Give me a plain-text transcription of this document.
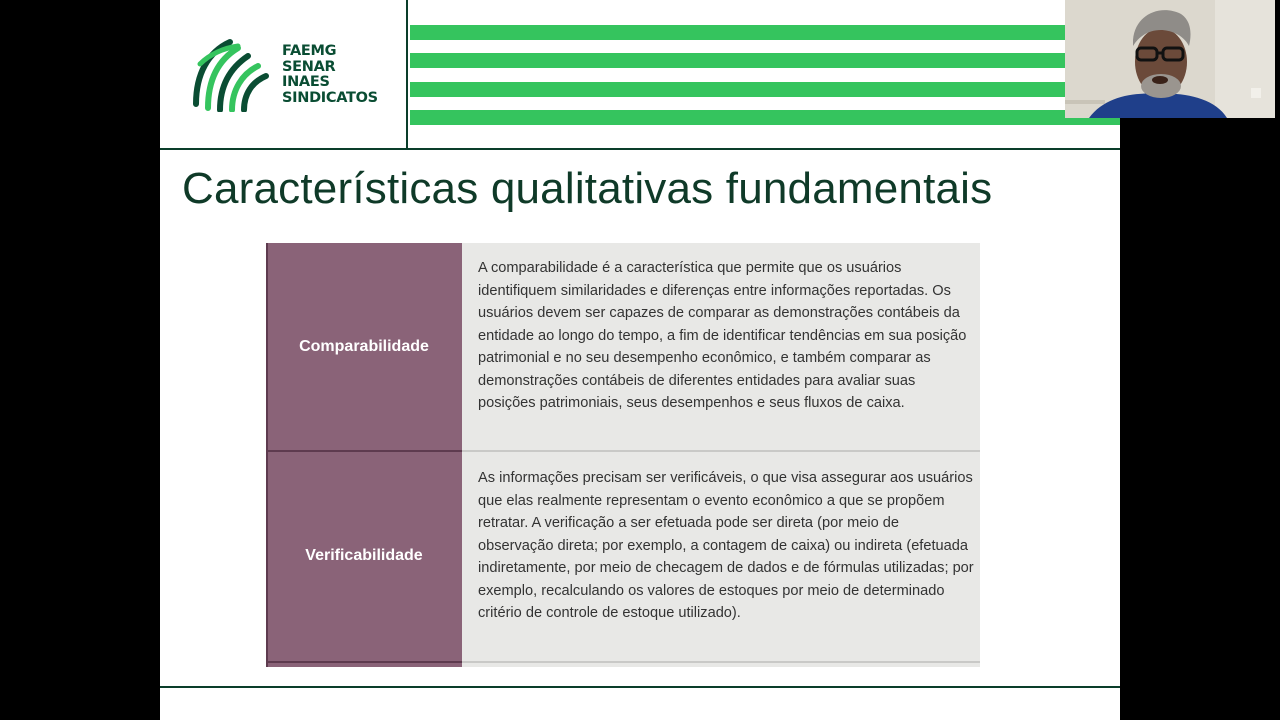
FAEMG
SENAR
INAES
SINDICATOS
Características qualitativas fundamentais
Comparabilidade
A comparabilidade é a característica que permite que os usuários identifiquem similaridades e diferenças entre informações reportadas. Os usuários devem ser capazes de comparar as demonstrações contábeis da entidade ao longo do tempo, a fim de identificar tendências em sua posição patrimonial e no seu desempenho econômico, e também comparar as demonstrações contábeis de diferentes entidades para avaliar suas posições patrimoniais, seus desempenhos e seus fluxos de caixa.
Verificabilidade
As informações precisam ser verificáveis, o que visa assegurar aos usuários que elas realmente representam o evento econômico a que se propõem retratar. A verificação a ser efetuada pode ser direta (por meio de observação direta; por exemplo, a contagem de caixa) ou indireta (efetuada indiretamente, por meio de checagem de dados e de fórmulas utilizadas; por exemplo, recalculando os valores de estoques por meio de determinado critério de controle de estoque utilizado).
